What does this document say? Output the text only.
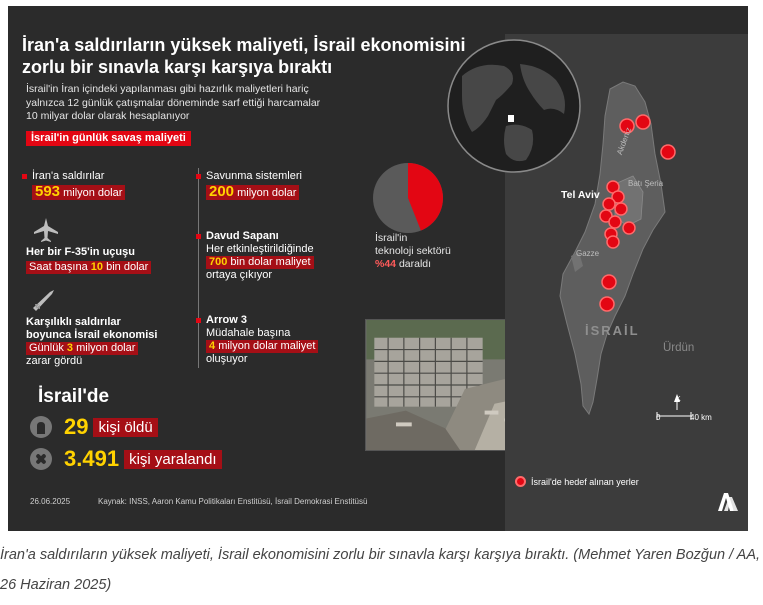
İran'a saldırıların yüksek maliyeti, İsrail ekonomisini
zorlu bir sınavla karşı karşıya bıraktı
İsrail'in İran içindeki yapılanması gibi hazırlık maliyetleri hariç
yalnızca 12 günlük çatışmalar döneminde sarf ettiği harcamalar
10 milyar dolar olarak hesaplanıyor
İsrail'in günlük savaş maliyeti
İran'a saldırılar
593 milyon dolar
Her bir F-35'in uçuşu
Saat başına 10 bin dolar
Karşılıklı saldırılar
boyunca İsrail ekonomisi
Günlük 3 milyon dolar
zarar gördü
Savunma sistemleri
200 milyon dolar
Davud Sapanı
Her etkinleştirildiğinde
700 bin dolar maliyet
ortaya çıkıyor
Arrow 3
Müdahale başına
4 milyon dolar maliyet
oluşuyor
İsrail'in
teknoloji sektörü
%44 daraldı
İsrail'de
29 kişi öldü
3.491 kişi yaralandı
26.06.2025	Kaynak: INSS, Aaron Kamu Politikaları Enstitüsü, İsrail Demokrasi Enstitüsü
Akdeniz
Batı Şeria
Tel Aviv
Gazze
İSRAİL
Ürdün
K
0	40 km
İsrail'de hedef alınan yerler
AA
İran'a saldırıların yüksek maliyeti, İsrail ekonomisini zorlu bir sınavla karşı karşıya bıraktı. (Mehmet Yaren Bozğun / AA, 26 Haziran 2025)
